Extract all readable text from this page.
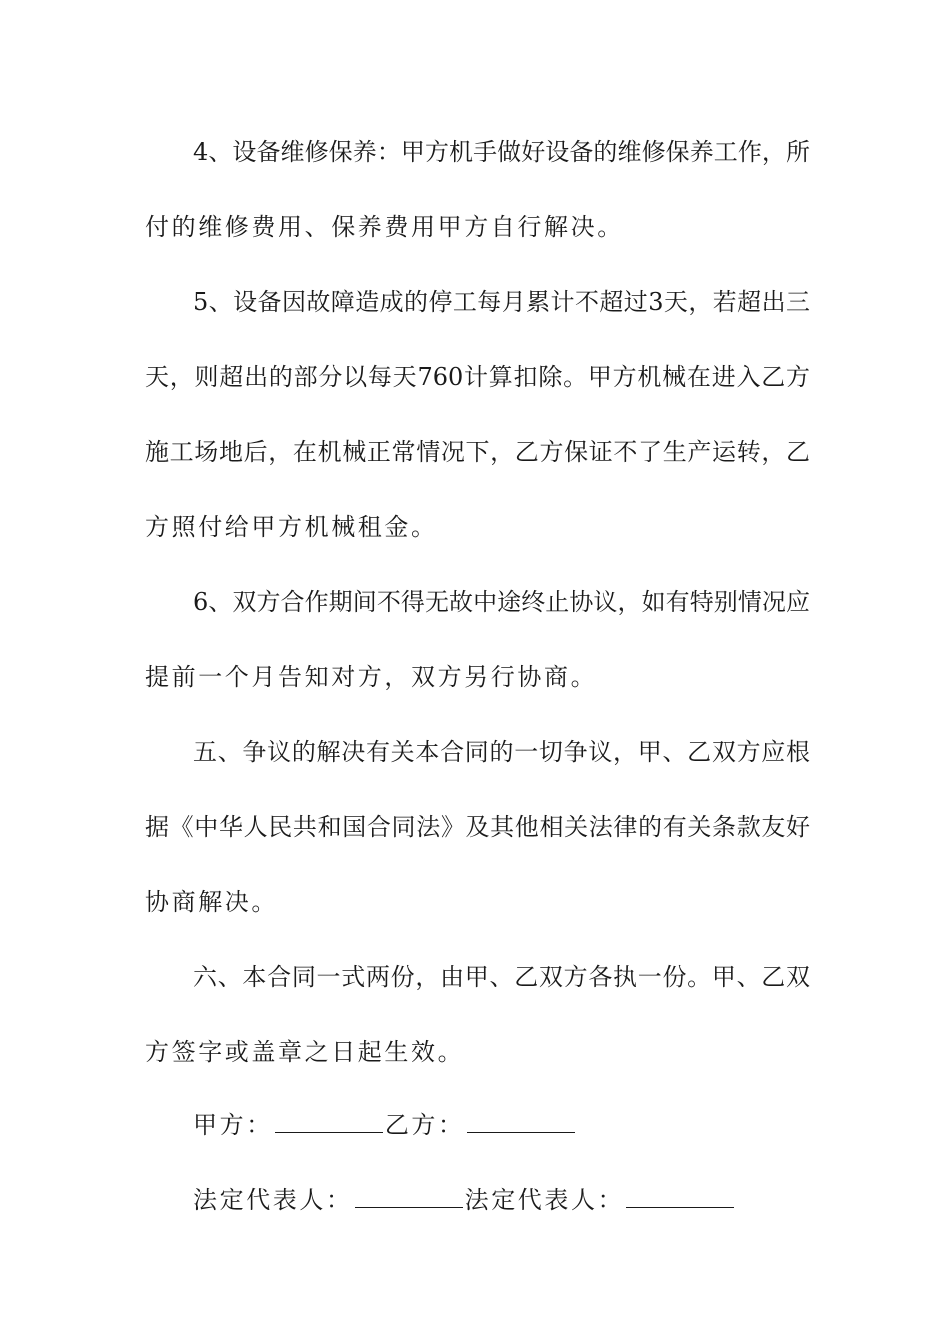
4、设备维修保养：甲方机手做好设备的维修保养工作，所
付的维修费用、保养费用甲方自行解决。
5、设备因故障造成的停工每月累计不超过3天，若超出三
天，则超出的部分以每天760计算扣除。甲方机械在进入乙方
施工场地后，在机械正常情况下，乙方保证不了生产运转，乙
方照付给甲方机械租金。
6、双方合作期间不得无故中途终止协议，如有特别情况应
提前一个月告知对方，双方另行协商。
五、争议的解决有关本合同的一切争议，甲、乙双方应根
据《中华人民共和国合同法》及其他相关法律的有关条款友好
协商解决。
六、本合同一式两份，由甲、乙双方各执一份。甲、乙双
方签字或盖章之日起生效。
甲方：	乙方：
法定代表人：	法定代表人：
